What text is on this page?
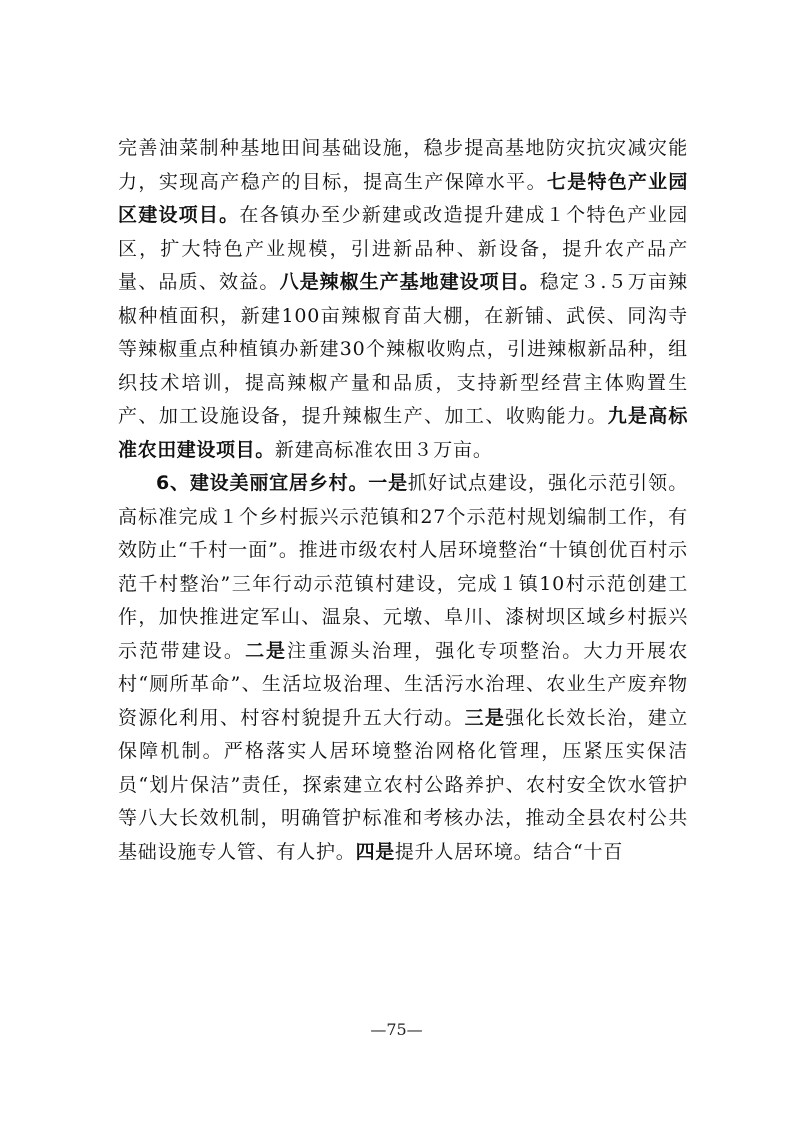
完善油菜制种基地田间基础设施，稳步提高基地防灾抗灾减灾能力，实现高产稳产的目标，提高生产保障水平。七是特色产业园区建设项目。在各镇办至少新建或改造提升建成１个特色产业园区，扩大特色产业规模，引进新品种、新设备，提升农产品产量、品质、效益。八是辣椒生产基地建设项目。稳定３.５万亩辣椒种植面积，新建100亩辣椒育苗大棚，在新铺、武侯、同沟寺等辣椒重点种植镇办新建30个辣椒收购点，引进辣椒新品种，组织技术培训，提高辣椒产量和品质，支持新型经营主体购置生产、加工设施设备，提升辣椒生产、加工、收购能力。九是高标准农田建设项目。新建高标准农田３万亩。

6、建设美丽宜居乡村。一是抓好试点建设，强化示范引领。高标准完成１个乡村振兴示范镇和27个示范村规划编制工作，有效防止“千村一面”。推进市级农村人居环境整治“十镇创优百村示范千村整治”三年行动示范镇村建设，完成１镇10村示范创建工作，加快推进定军山、温泉、元墩、阜川、漆树坝区域乡村振兴示范带建设。二是注重源头治理，强化专项整治。大力开展农村“厕所革命”、生活垃圾治理、生活污水治理、农业生产废弃物资源化利用、村容村貌提升五大行动。三是强化长效长治，建立保障机制。严格落实人居环境整治网格化管理，压紧压实保洁员“划片保洁”责任，探索建立农村公路养护、农村安全饮水管护等八大长效机制，明确管护标准和考核办法，推动全县农村公共基础设施专人管、有人护。四是提升人居环境。结合“十百

—75—
